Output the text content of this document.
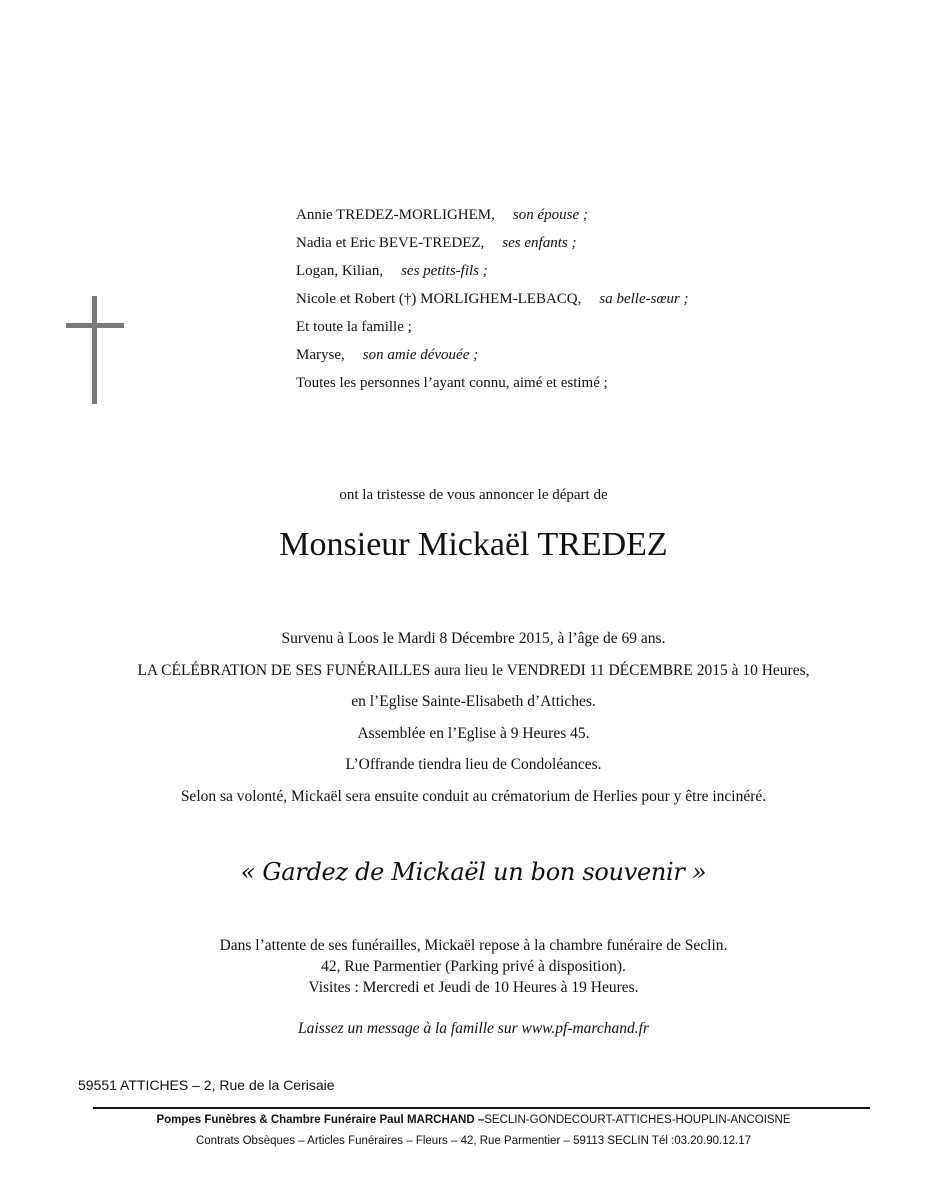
Annie TREDEZ-MORLIGHEM, son épouse ;
Nadia et Eric BEVE-TREDEZ, ses enfants ;
Logan, Kilian, ses petits-fils ;
Nicole et Robert (†) MORLIGHEM-LEBACQ, sa belle-sœur ;
Et toute la famille ;
Maryse, son amie dévouée ;
Toutes les personnes l’ayant connu, aimé et estimé ;
ont la tristesse de vous annoncer le départ de
Monsieur Mickaël TREDEZ
Survenu à Loos le Mardi 8 Décembre 2015, à l’âge de 69 ans.
LA CÉLÉBRATION DE SES FUNÉRAILLES aura lieu le VENDREDI 11 DÉCEMBRE 2015 à 10 Heures,
en l’Eglise Sainte-Elisabeth d’Attiches.
Assemblée en l’Eglise à 9 Heures 45.
L’Offrande tiendra lieu de Condoléances.
Selon sa volonté, Mickaël sera ensuite conduit au crématorium de Herlies pour y être incinéré.
« Gardez de Mickaël un bon souvenir »
Dans l’attente de ses funérailles, Mickaël repose à la chambre funéraire de Seclin.
42, Rue Parmentier (Parking privé à disposition).
Visites : Mercredi et Jeudi de 10 Heures à 19 Heures.
Laissez un message à la famille sur www.pf-marchand.fr
59551 ATTICHES – 2, Rue de la Cerisaie
Pompes Funèbres & Chambre Funéraire Paul MARCHAND –SECLIN-GONDECOURT-ATTICHES-HOUPLIN-ANCOISNE
Contrats Obsèques – Articles Funéraires – Fleurs – 42, Rue Parmentier – 59113 SECLIN Tél :03.20.90.12.17
